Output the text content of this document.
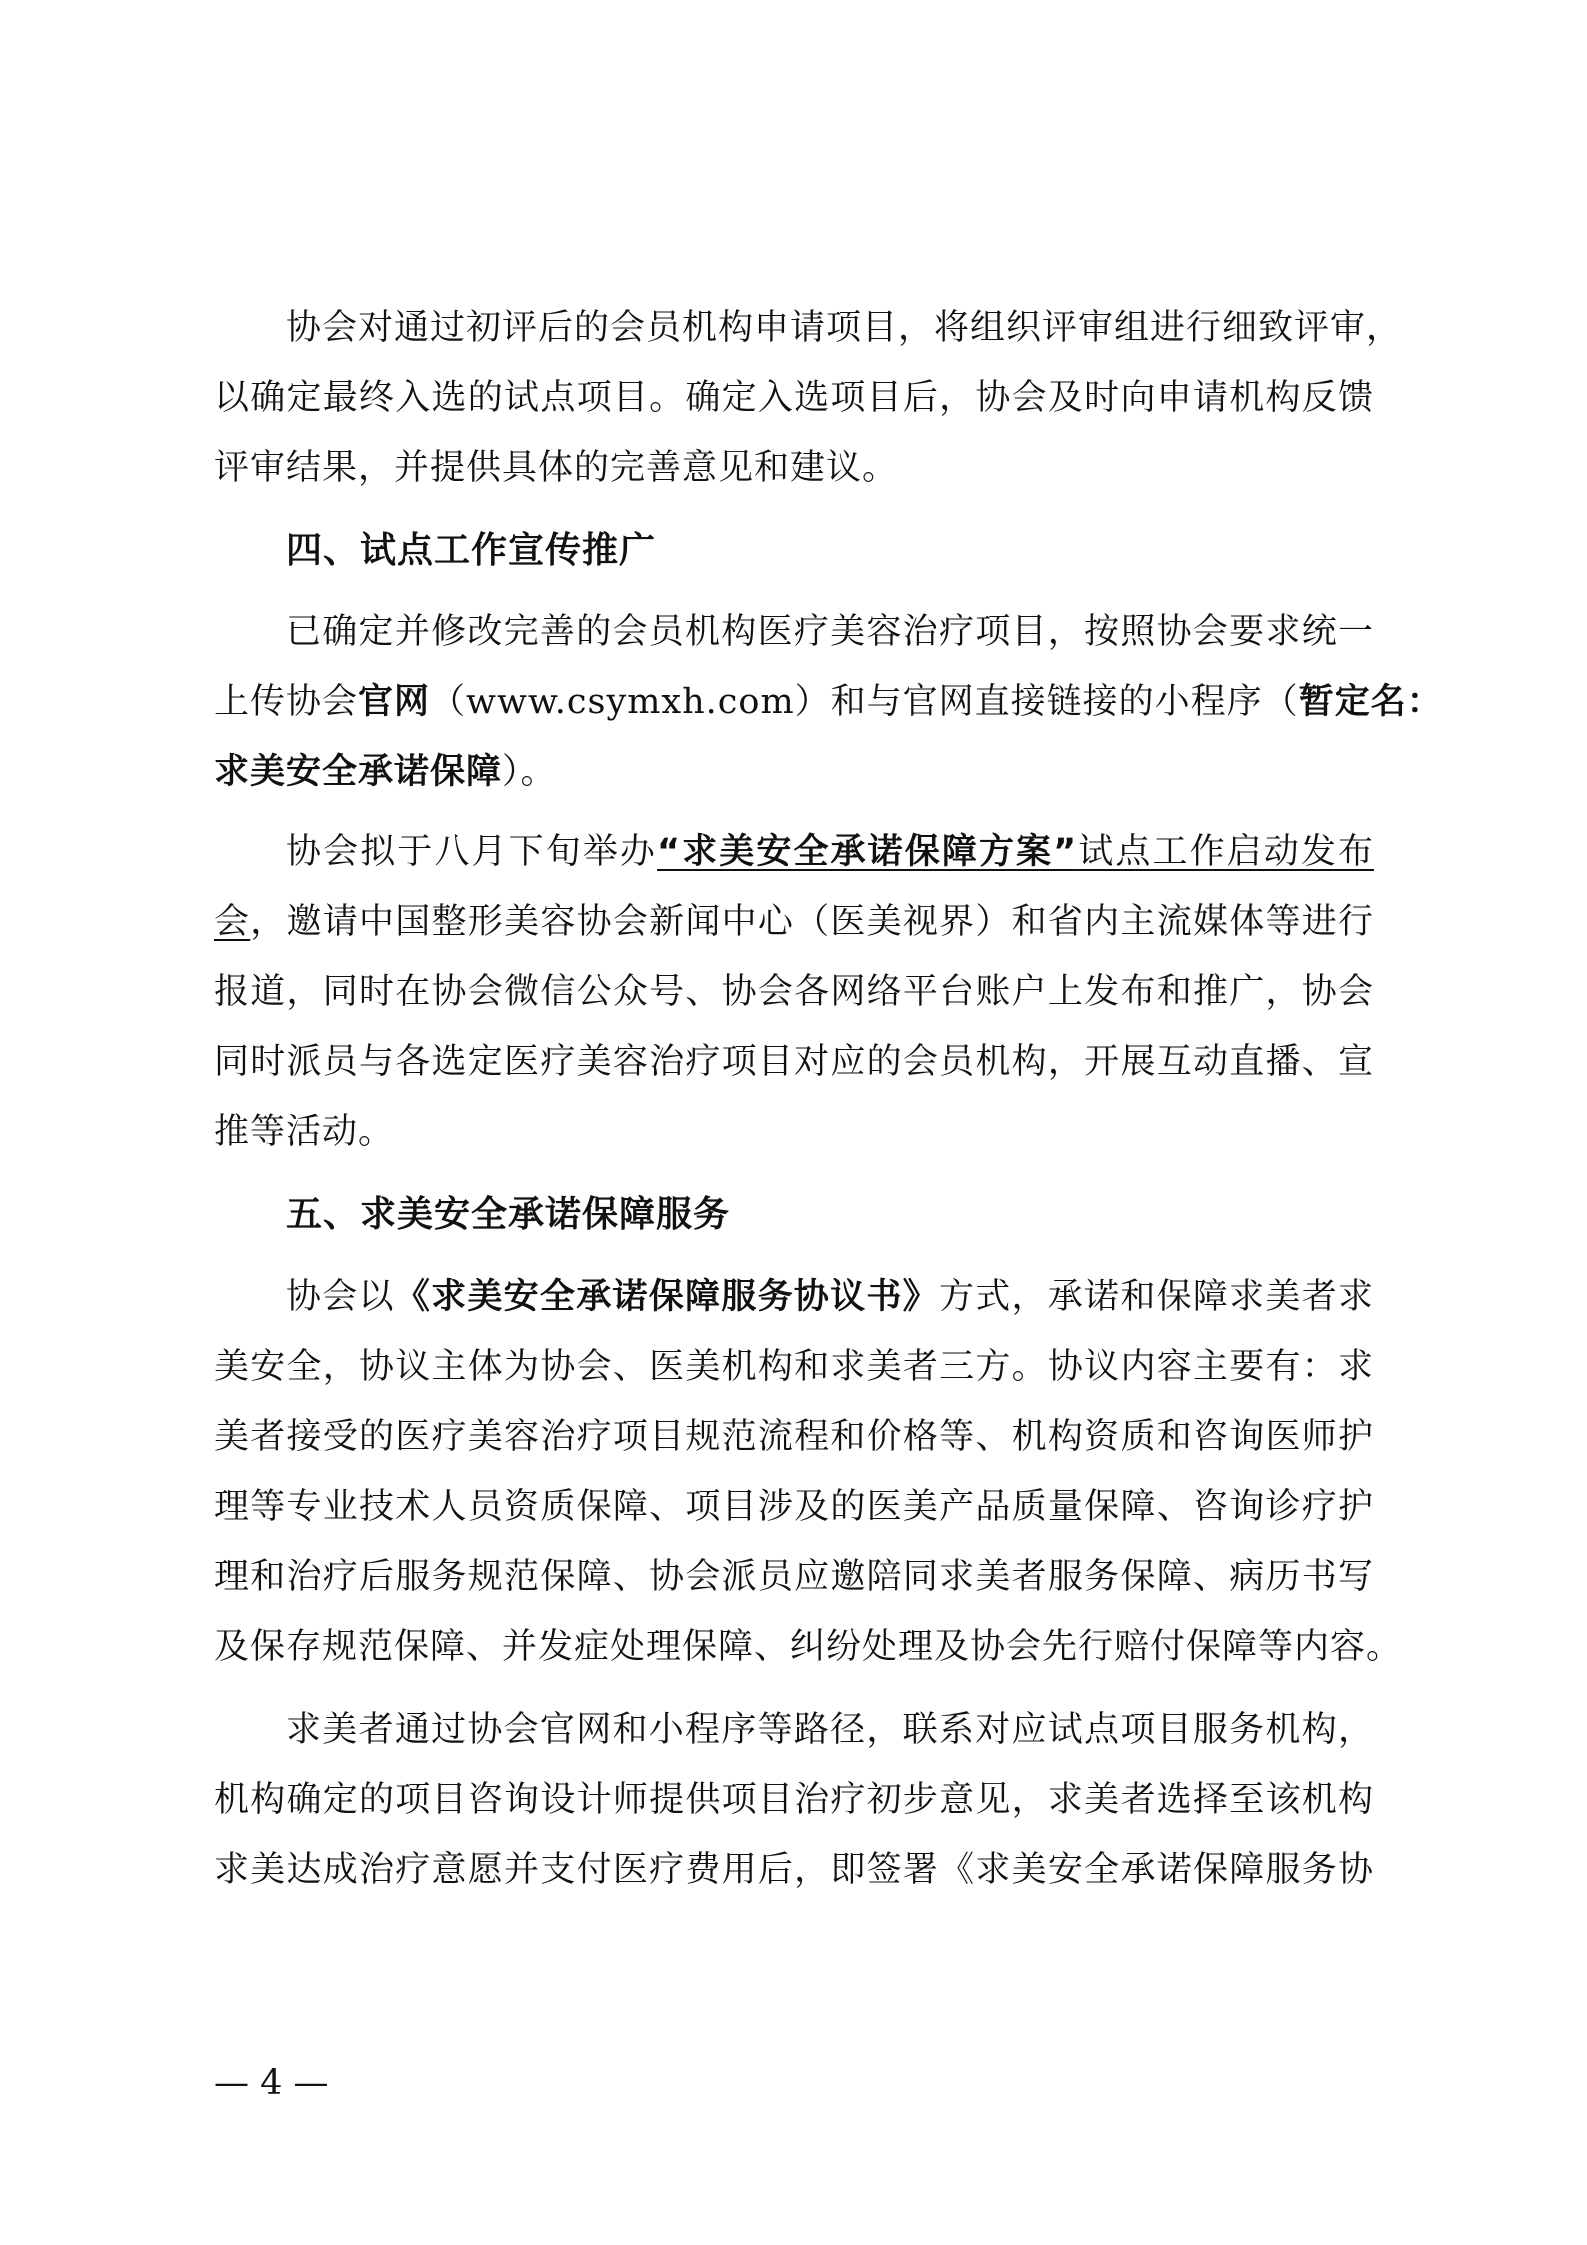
协会对通过初评后的会员机构申请项目，将组织评审组进行细致评审，
以确定最终入选的试点项目。确定入选项目后，协会及时向申请机构反馈
评审结果，并提供具体的完善意见和建议。
四、试点工作宣传推广
已确定并修改完善的会员机构医疗美容治疗项目，按照协会要求统一
上传协会官网（www.csymxh.com）和与官网直接链接的小程序（暂定名：
求美安全承诺保障）。
协会拟于八月下旬举办“求美安全承诺保障方案”试点工作启动发布
会，邀请中国整形美容协会新闻中心（医美视界）和省内主流媒体等进行
报道，同时在协会微信公众号、协会各网络平台账户上发布和推广，协会
同时派员与各选定医疗美容治疗项目对应的会员机构，开展互动直播、宣
推等活动。
五、求美安全承诺保障服务
协会以《求美安全承诺保障服务协议书》方式，承诺和保障求美者求
美安全，协议主体为协会、医美机构和求美者三方。协议内容主要有：求
美者接受的医疗美容治疗项目规范流程和价格等、机构资质和咨询医师护
理等专业技术人员资质保障、项目涉及的医美产品质量保障、咨询诊疗护
理和治疗后服务规范保障、协会派员应邀陪同求美者服务保障、病历书写
及保存规范保障、并发症处理保障、纠纷处理及协会先行赔付保障等内容。
求美者通过协会官网和小程序等路径，联系对应试点项目服务机构，
机构确定的项目咨询设计师提供项目治疗初步意见，求美者选择至该机构
求美达成治疗意愿并支付医疗费用后，即签署《求美安全承诺保障服务协
— 4 —
